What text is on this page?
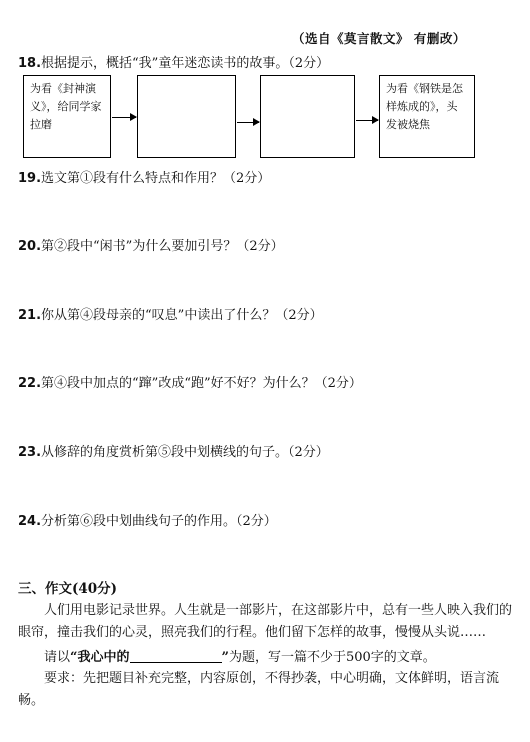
（选自《莫言散文》 有删改）
18.根据提示，概括“我”童年迷恋读书的故事。（2分）
为看《封神演义》，给同学家拉磨
为看《钢铁是怎样炼成的》，头发被烧焦
19.选文第①段有什么特点和作用？（2分）
20.第②段中“闲书”为什么要加引号？（2分）
21.你从第④段母亲的“叹息”中读出了什么？（2分）
22.第④段中加点的“蹿”改成“跑”好不好？为什么？（2分）
23.从修辞的角度赏析第⑤段中划横线的句子。（2分）
24.分析第⑥段中划曲线句子的作用。（2分）
三、作文(40分)
人们用电影记录世界。人生就是一部影片，在这部影片中，总有一些人映入我们的眼帘，撞击我们的心灵，照亮我们的行程。他们留下怎样的故事，慢慢从头说……
请以“我心中的	”为题，写一篇不少于500字的文章。
要求：先把题目补充完整，内容原创，不得抄袭，中心明确，文体鲜明，语言流畅。
